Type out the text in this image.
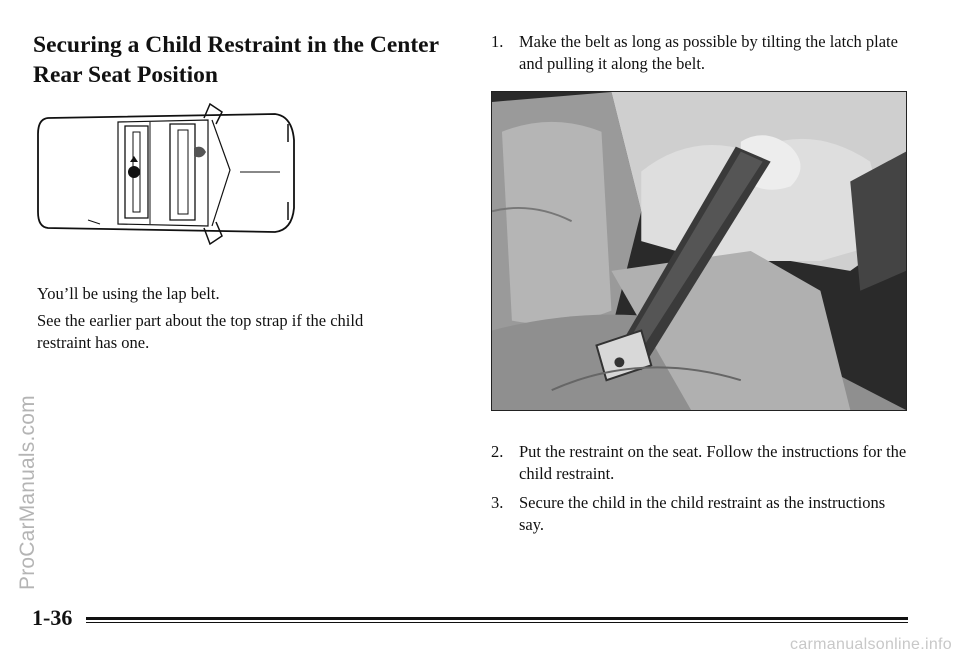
Securing a Child Restraint in the Center Rear Seat Position

You’ll be using the lap belt.

See the earlier part about the top strap if the child restraint has one.

1. Make the belt as long as possible by tilting the latch plate and pulling it along the belt.

2. Put the restraint on the seat. Follow the instructions for the child restraint.

3. Secure the child in the child restraint as the instructions say.

ProCarManuals.com
1-36
carmanualsonline.info
